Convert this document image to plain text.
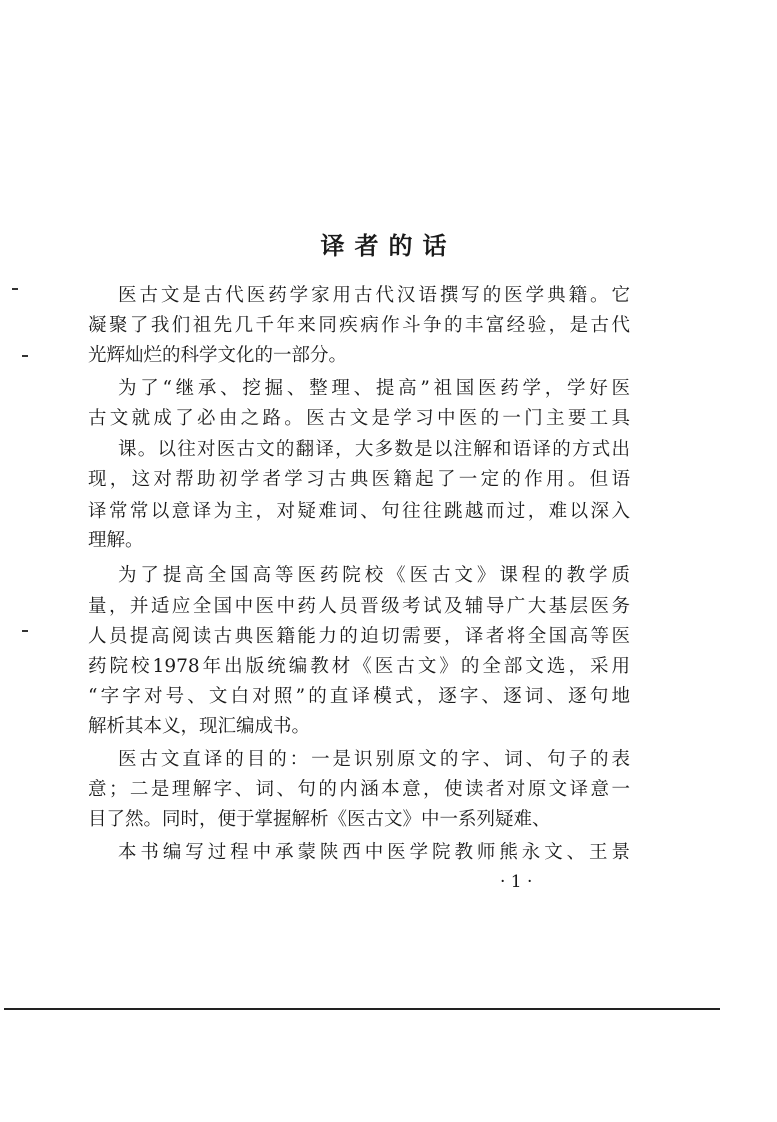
译者的话
医古文是古代医药学家用古代汉语撰写的医学典籍。它
凝聚了我们祖先几千年来同疾病作斗争的丰富经验，是古代
光辉灿烂的科学文化的一部分。
为了“继承、挖掘、整理、提高”祖国医药学，学好医
古文就成了必由之路。医古文是学习中医的一门主要工具
课。以往对医古文的翻译，大多数是以注解和语译的方式出
现，这对帮助初学者学习古典医籍起了一定的作用。但语
译常常以意译为主，对疑难词、句往往跳越而过，难以深入
理解。
为了提高全国高等医药院校《医古文》课程的教学质
量，并适应全国中医中药人员晋级考试及辅导广大基层医务
人员提高阅读古典医籍能力的迫切需要，译者将全国高等医
药院校1978年出版统编教材《医古文》的全部文选，采用
“字字对号、文白对照”的直译模式，逐字、逐词、逐句地
解析其本义，现汇编成书。
医古文直译的目的：一是识别原文的字、词、句子的表
意；二是理解字、词、句的内涵本意，使读者对原文译意一
目了然。同时，便于掌握解析《医古文》中一系列疑难、
本书编写过程中承蒙陕西中医学院教师熊永文、王景
· 1 ·
